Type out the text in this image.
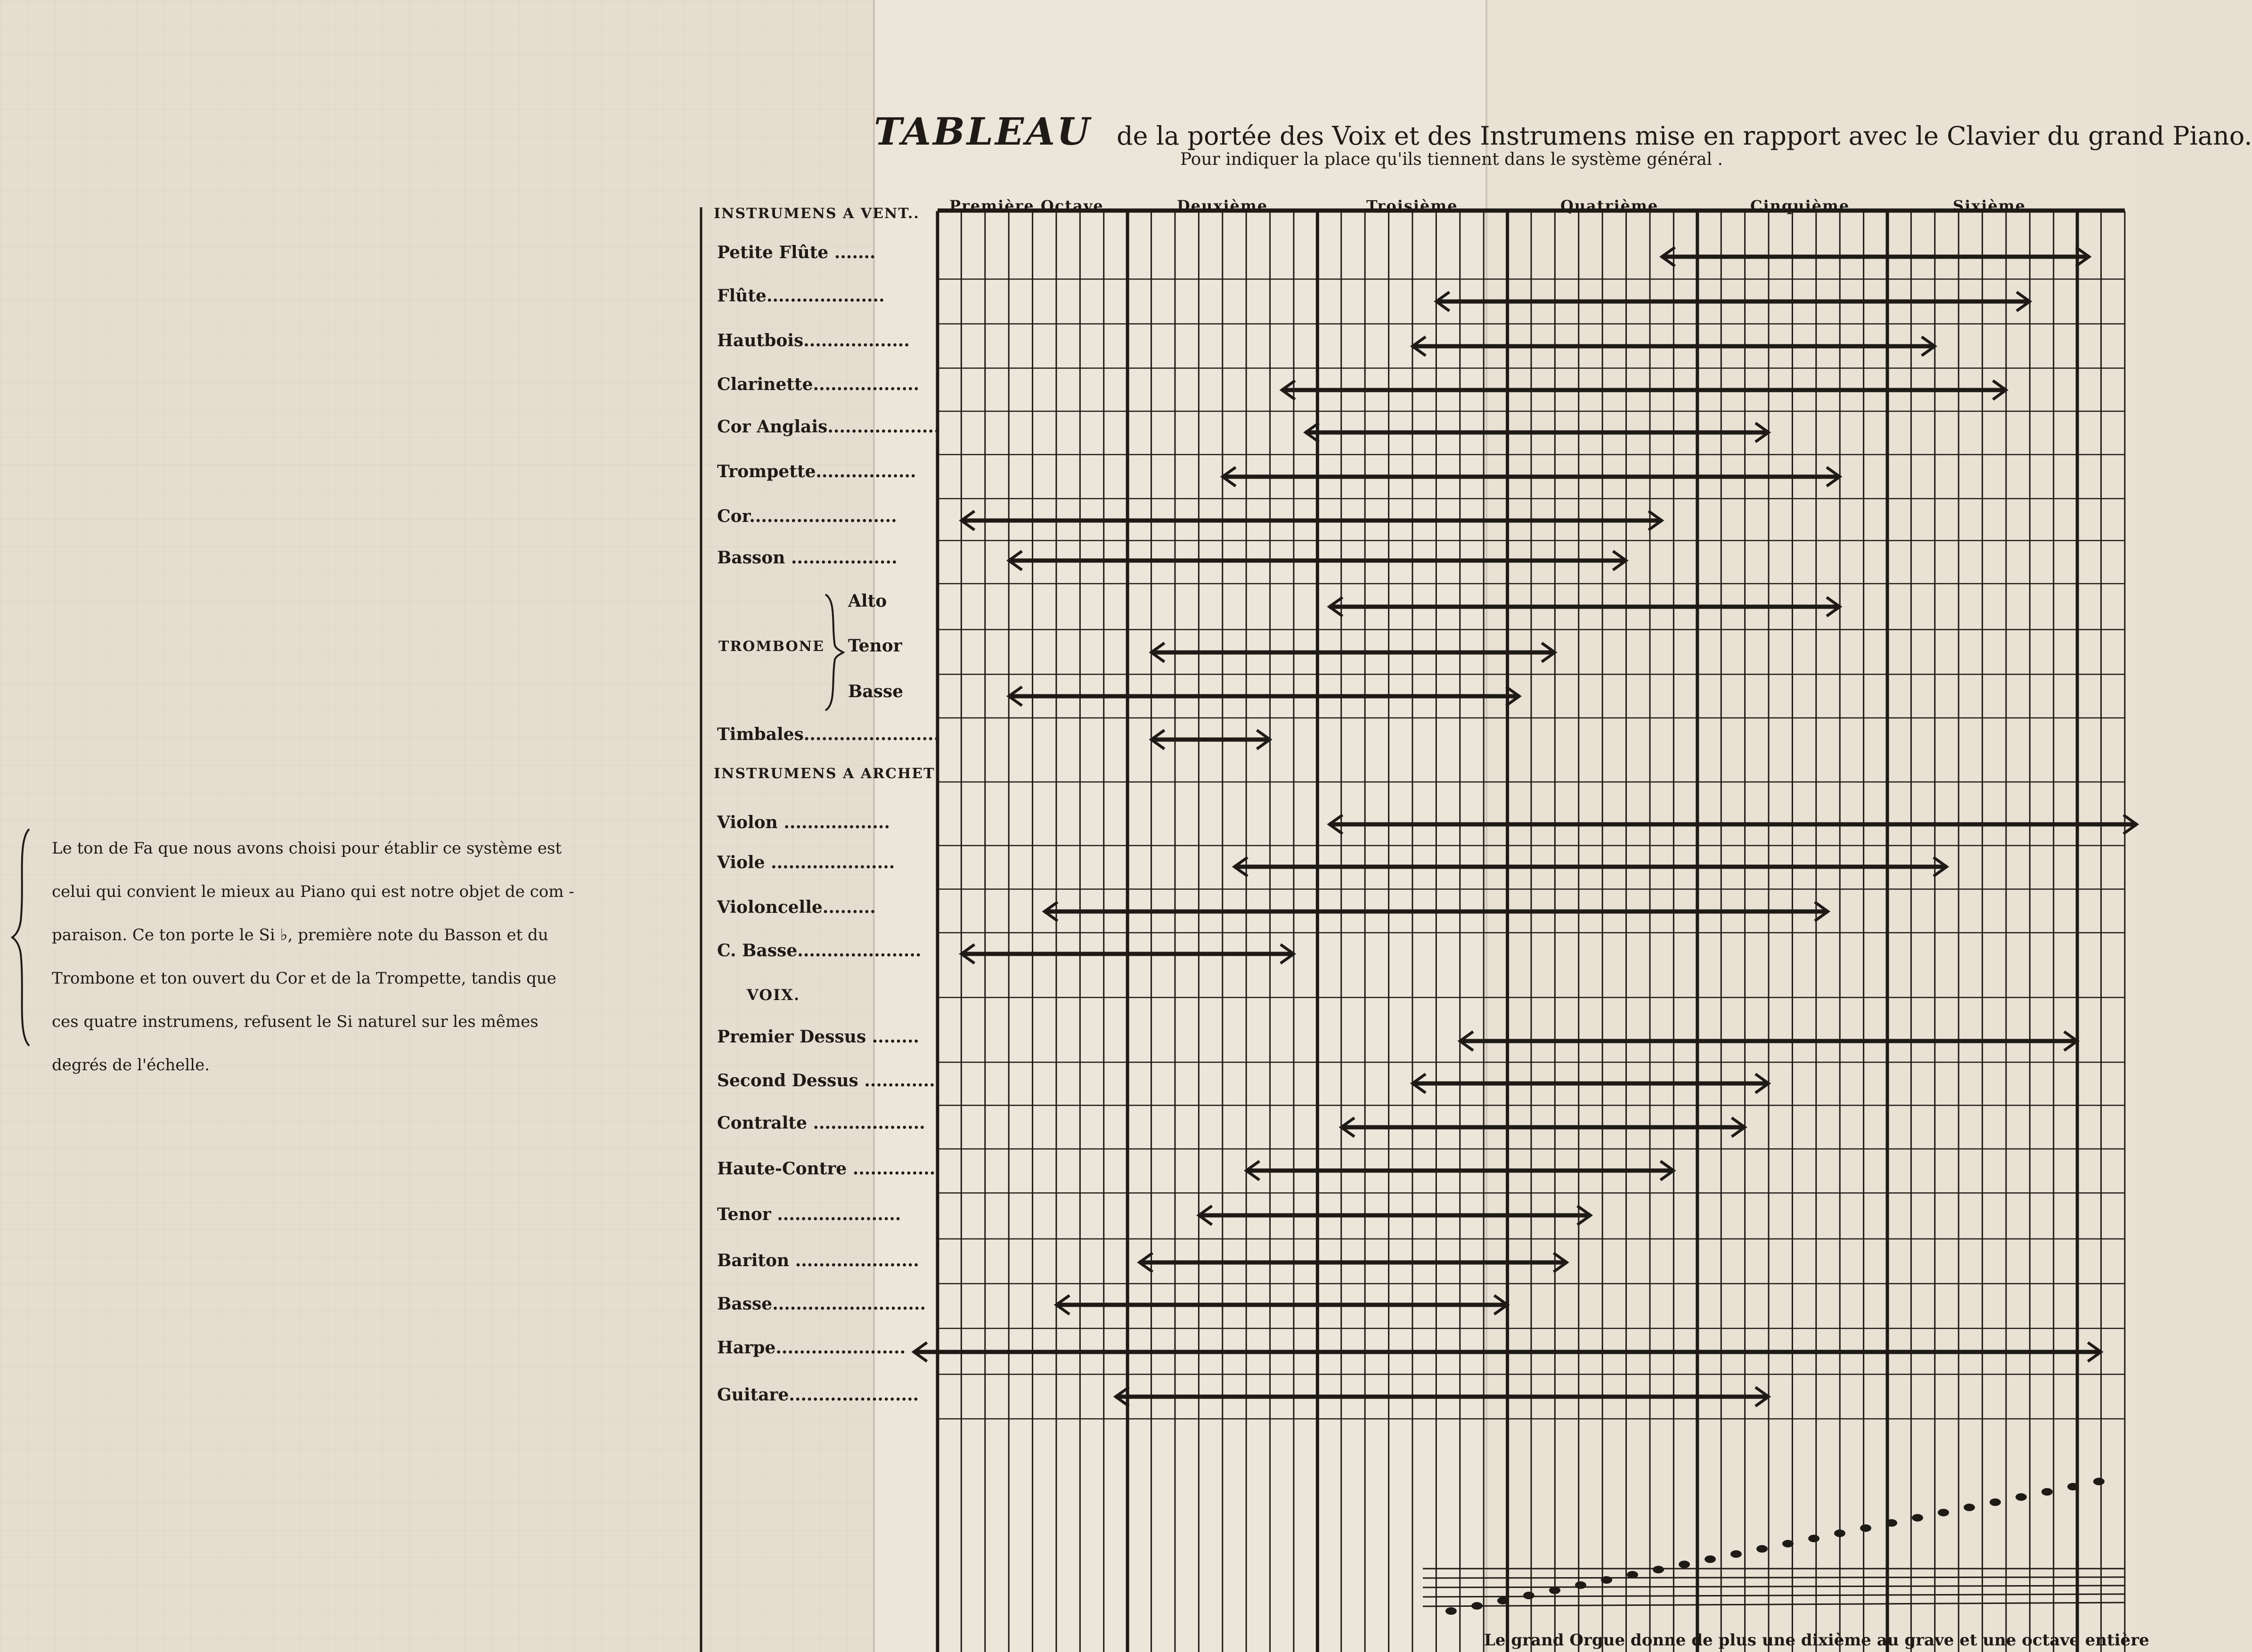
TABLEAU de la portée des Voix et des Instrumens mise en rapport avec le Clavier du grand Piano.
Pour indiquer la place qu'ils tiennent dans le système général .
Le ton de Fa que nous avons choisi pour établir ce système est
celui qui convient le mieux au Piano qui est notre objet de com -
paraison. Ce ton porte le Si ♭, première note du Basson et du
Trombone et ton ouvert du Cor et de la Trompette, tandis que
ces quatre instrumens, refusent le Si naturel sur les mêmes
degrés de l'échelle.
INSTRUMENS A VENT..
INSTRUMENS A ARCHET
VOIX.
TROMBONE
Première Octave .	Deuxième .	Troisième .	Quatrième .	Cinquième .	Sixième .
Petite Flûte .......
Flûte....................
Hautbois..................
Clarinette..................
Cor Anglais...................
Trompette.................
Cor.........................
Basson ..................
Alto
Tenor
Basse
Timbales.......................
Violon ..................
Viole .....................
Violoncelle.........
C. Basse.....................
Premier Dessus ........
Second Dessus ............
Contralte ...................
Haute-Contre ..............
Tenor .....................
Bariton .....................
Basse..........................
Harpe......................
Guitare......................
Le grand Orgue donne de plus une dixième au grave et une octave entière
